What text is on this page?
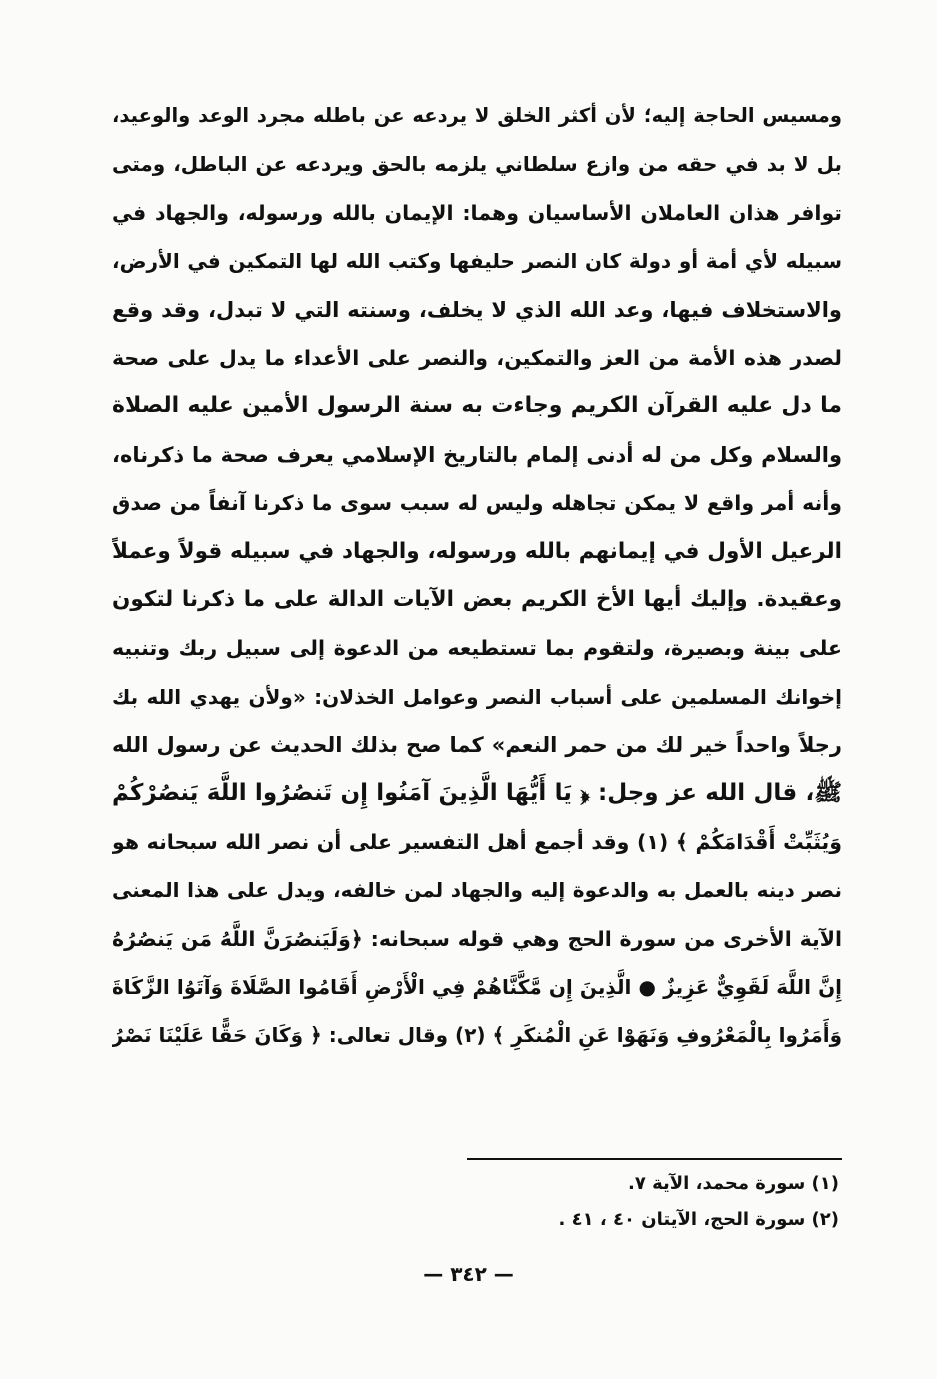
ومسيس الحاجة إليه؛ لأن أكثر الخلق لا يردعه عن باطله مجرد الوعد والوعيد،
بل لا بد في حقه من وازع سلطاني يلزمه بالحق ويردعه عن الباطل، ومتى
توافر هذان العاملان الأساسيان وهما: الإيمان بالله ورسوله، والجهاد في
سبيله لأي أمة أو دولة كان النصر حليفها وكتب الله لها التمكين في الأرض،
والاستخلاف فيها، وعد الله الذي لا يخلف، وسنته التي لا تبدل، وقد وقع
لصدر هذه الأمة من العز والتمكين، والنصر على الأعداء ما يدل على صحة
ما دل عليه القرآن الكريم وجاءت به سنة الرسول الأمين عليه الصلاة
والسلام وكل من له أدنى إلمام بالتاريخ الإسلامي يعرف صحة ما ذكرناه،
وأنه أمر واقع لا يمكن تجاهله وليس له سبب سوى ما ذكرنا آنفاً من صدق
الرعيل الأول في إيمانهم بالله ورسوله، والجهاد في سبيله قولاً وعملاً
وعقيدة. وإليك أيها الأخ الكريم بعض الآيات الدالة على ما ذكرنا لتكون
على بينة وبصيرة، ولتقوم بما تستطيعه من الدعوة إلى سبيل ربك وتنبيه
إخوانك المسلمين على أسباب النصر وعوامل الخذلان: «ولأن يهدي الله بك
رجلاً واحداً خير لك من حمر النعم» كما صح بذلك الحديث عن رسول الله
ﷺ، قال الله عز وجل: ﴿ يَا أَيُّهَا الَّذِينَ آمَنُوا إِن تَنصُرُوا اللَّهَ يَنصُرْكُمْ
وَيُثَبِّتْ أَقْدَامَكُمْ ﴾ (١) وقد أجمع أهل التفسير على أن نصر الله سبحانه هو
نصر دينه بالعمل به والدعوة إليه والجهاد لمن خالفه، ويدل على هذا المعنى
الآية الأخرى من سورة الحج وهي قوله سبحانه: ﴿وَلَيَنصُرَنَّ اللَّهُ مَن يَنصُرُهُ
إِنَّ اللَّهَ لَقَوِيٌّ عَزِيزٌ ● الَّذِينَ إِن مَّكَّنَّاهُمْ فِي الْأَرْضِ أَقَامُوا الصَّلَاةَ وَآتَوُا الزَّكَاةَ
وَأَمَرُوا بِالْمَعْرُوفِ وَنَهَوْا عَنِ الْمُنكَرِ ﴾ (٢) وقال تعالى: ﴿ وَكَانَ حَقًّا عَلَيْنَا نَصْرُ
(١) سورة محمد، الآية ٧.
(٢) سورة الحج، الآيتان ٤٠ ، ٤١ .
— ٣٤٢ —
